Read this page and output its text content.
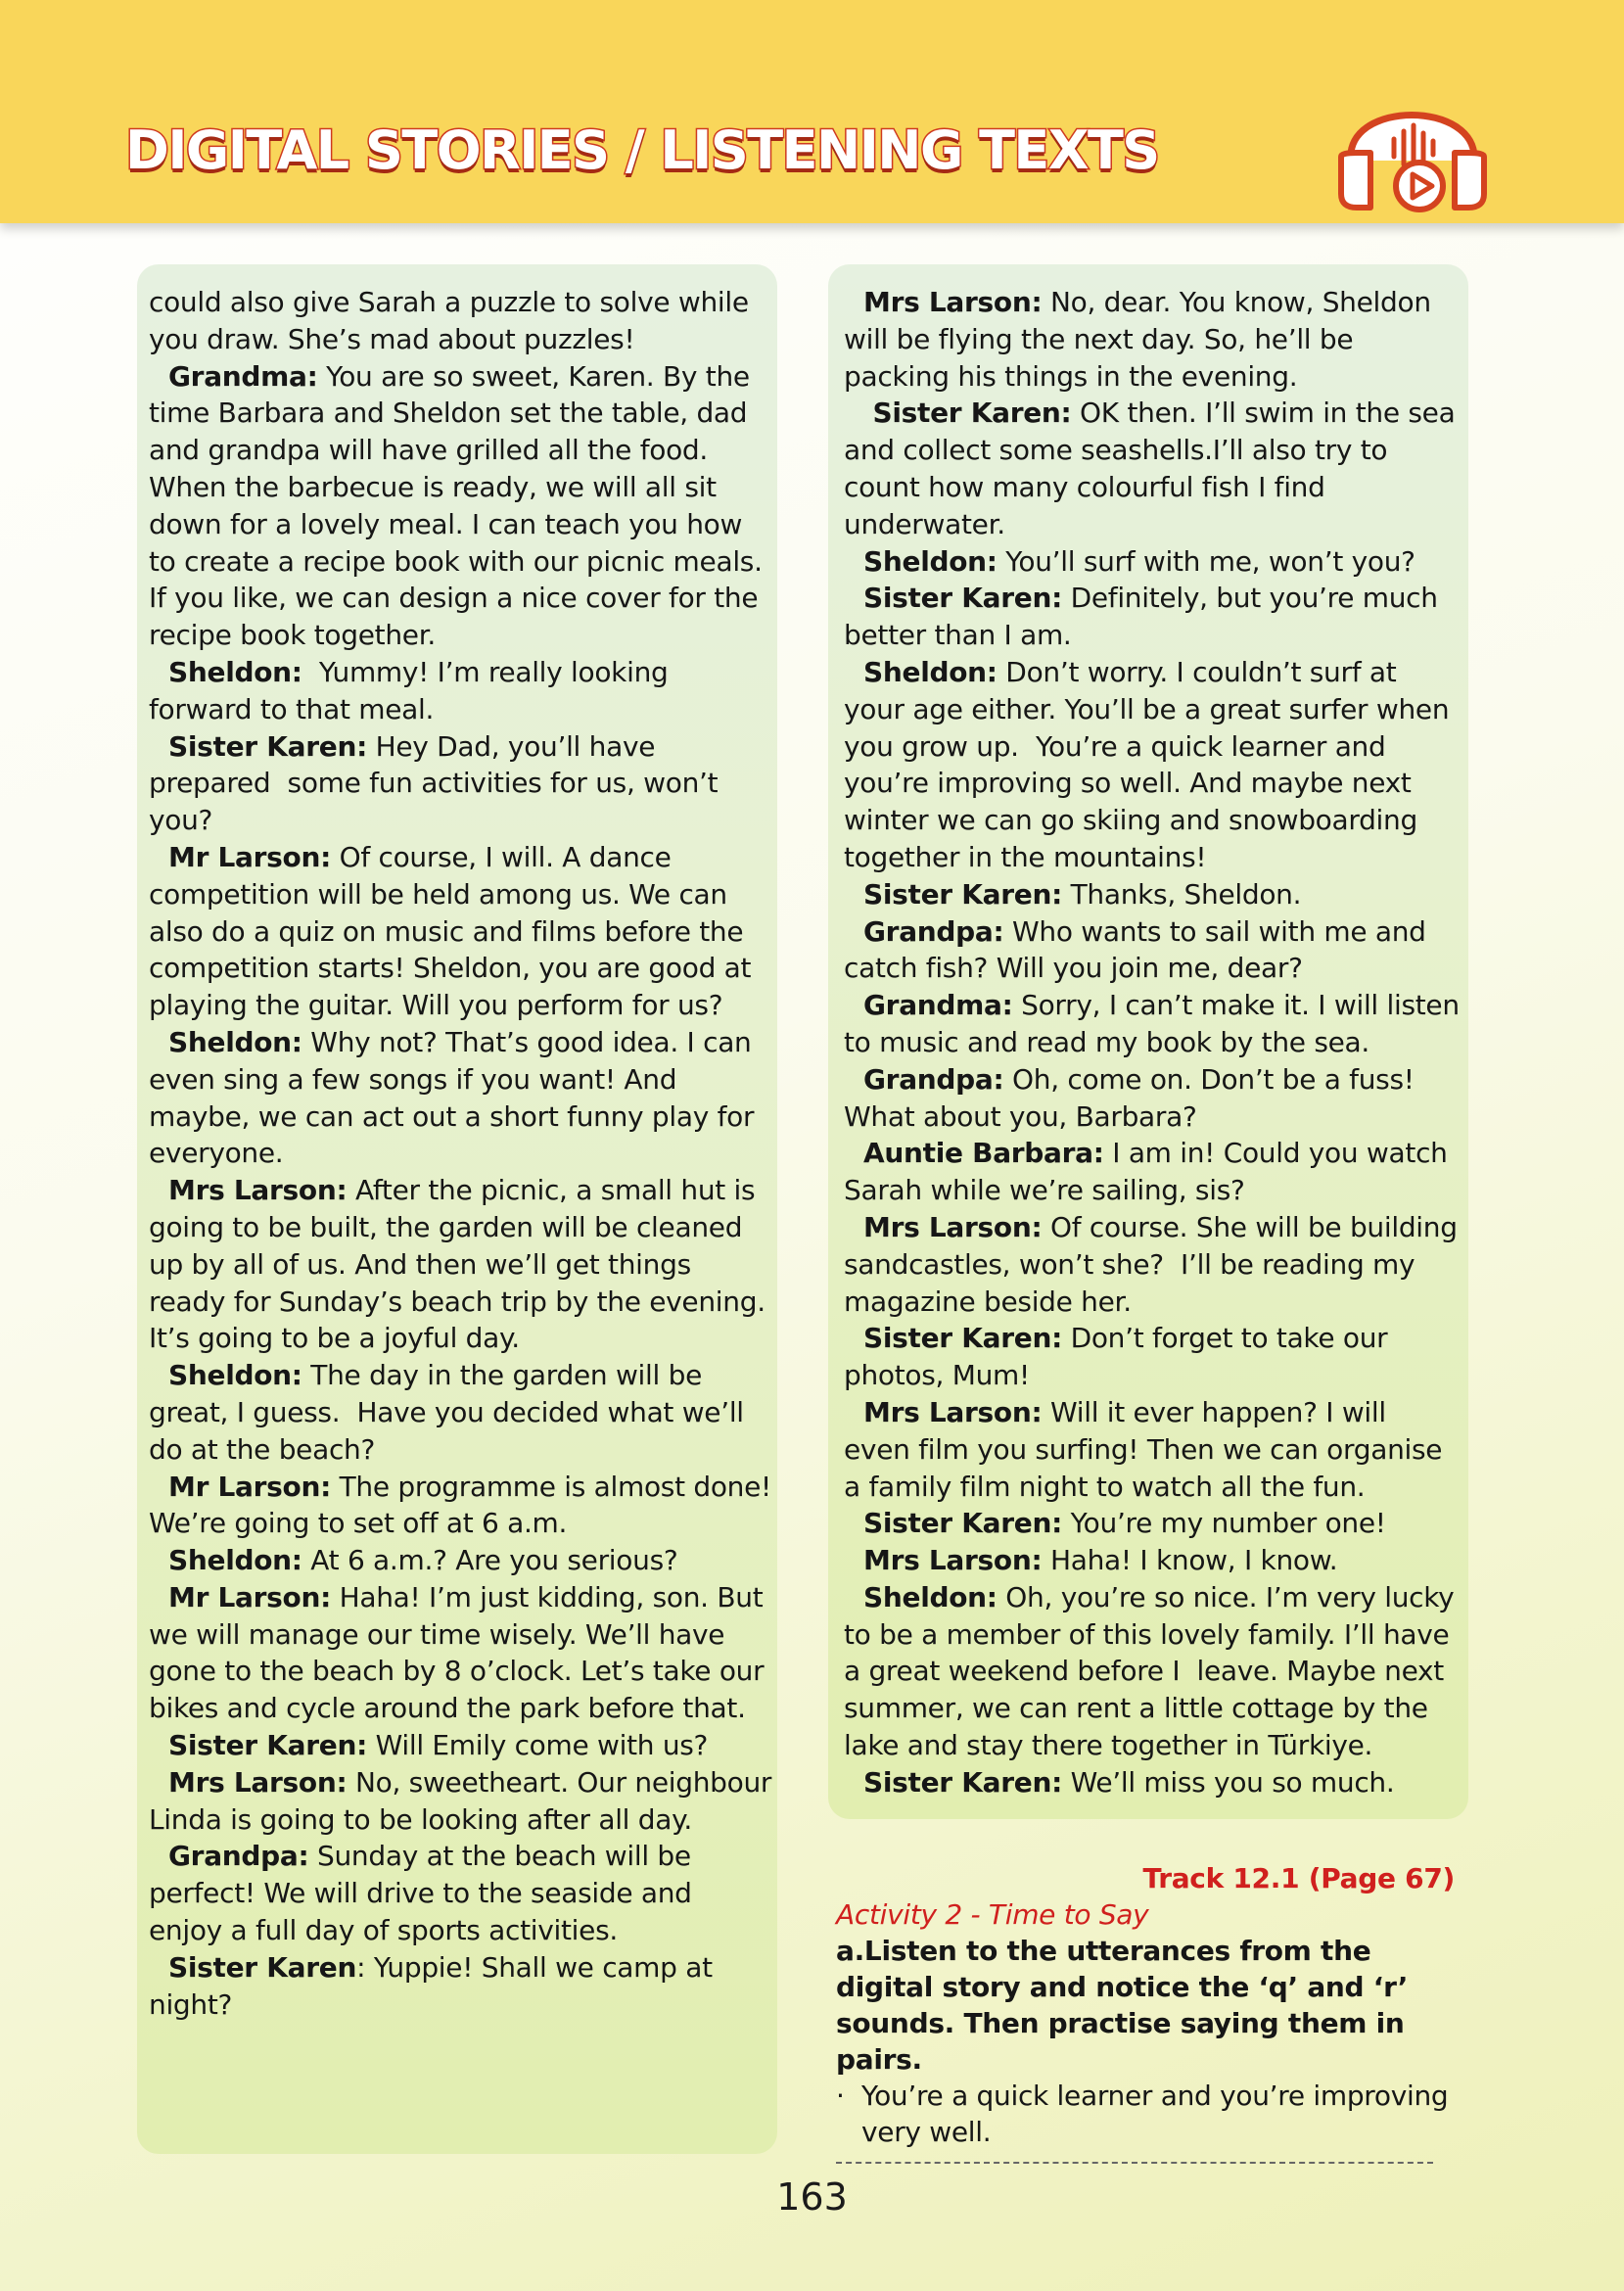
DIGITAL STORIES / LISTENING TEXTS

could also give Sarah a puzzle to solve while you draw. She’s mad about puzzles!

Grandma: You are so sweet, Karen. By the time Barbara and Sheldon set the table, dad and grandpa will have grilled all the food. When the barbecue is ready, we will all sit down for a lovely meal. I can teach you how to create a recipe book with our picnic meals. If you like, we can design a nice cover for the recipe book together.

Sheldon:  Yummy! I’m really looking forward to that meal.

Sister Karen: Hey Dad, you’ll have prepared  some fun activities for us, won’t you?

Mr Larson: Of course, I will. A dance competition will be held among us. We can also do a quiz on music and films before the competition starts! Sheldon, you are good at playing the guitar. Will you perform for us?

Sheldon: Why not? That’s good idea. I can even sing a few songs if you want! And maybe, we can act out a short funny play for everyone.

Mrs Larson: After the picnic, a small hut is going to be built, the garden will be cleaned up by all of us. And then we’ll get things ready for Sunday’s beach trip by the evening. It’s going to be a joyful day.

Sheldon: The day in the garden will be great, I guess.  Have you decided what we’ll do at the beach?

Mr Larson: The programme is almost done! We’re going to set off at 6 a.m.

Sheldon: At 6 a.m.? Are you serious?

Mr Larson: Haha! I’m just kidding, son. But we will manage our time wisely. We’ll have gone to the beach by 8 o’clock. Let’s take our bikes and cycle around the park before that.

Sister Karen: Will Emily come with us?

Mrs Larson: No, sweetheart. Our neighbour Linda is going to be looking after all day.

Grandpa: Sunday at the beach will be perfect! We will drive to the seaside and enjoy a full day of sports activities.

Sister Karen: Yuppie! Shall we camp at night?

Mrs Larson: No, dear. You know, Sheldon will be flying the next day. So, he’ll be packing his things in the evening.

Sister Karen: OK then. I’ll swim in the sea and collect some seashells.I’ll also try to count how many colourful fish I find underwater.

Sheldon: You’ll surf with me, won’t you?

Sister Karen: Definitely, but you’re much better than I am.

Sheldon: Don’t worry. I couldn’t surf at your age either. You’ll be a great surfer when you grow up.  You’re a quick learner and you’re improving so well. And maybe next winter we can go skiing and snowboarding together in the mountains!

Sister Karen: Thanks, Sheldon.

Grandpa: Who wants to sail with me and catch fish? Will you join me, dear?

Grandma: Sorry, I can’t make it. I will listen to music and read my book by the sea.

Grandpa: Oh, come on. Don’t be a fuss! What about you, Barbara?

Auntie Barbara: I am in! Could you watch Sarah while we’re sailing, sis?

Mrs Larson: Of course. She will be building sandcastles, won’t she?  I’ll be reading my magazine beside her.

Sister Karen: Don’t forget to take our photos, Mum!

Mrs Larson: Will it ever happen? I will even film you surfing! Then we can organise a family film night to watch all the fun.

Sister Karen: You’re my number one!

Mrs Larson: Haha! I know, I know.

Sheldon: Oh, you’re so nice. I’m very lucky to be a member of this lovely family. I’ll have a great weekend before I  leave. Maybe next summer, we can rent a little cottage by the lake and stay there together in Türkiye.

Sister Karen: We’ll miss you so much.

Track 12.1 (Page 67)

Activity 2 - Time to Say

a.Listen to the utterances from the digital story and notice the ‘q’ and ‘r’ sounds. Then practise saying them in pairs.

· You’re a quick learner and you’re improving very well.
163
